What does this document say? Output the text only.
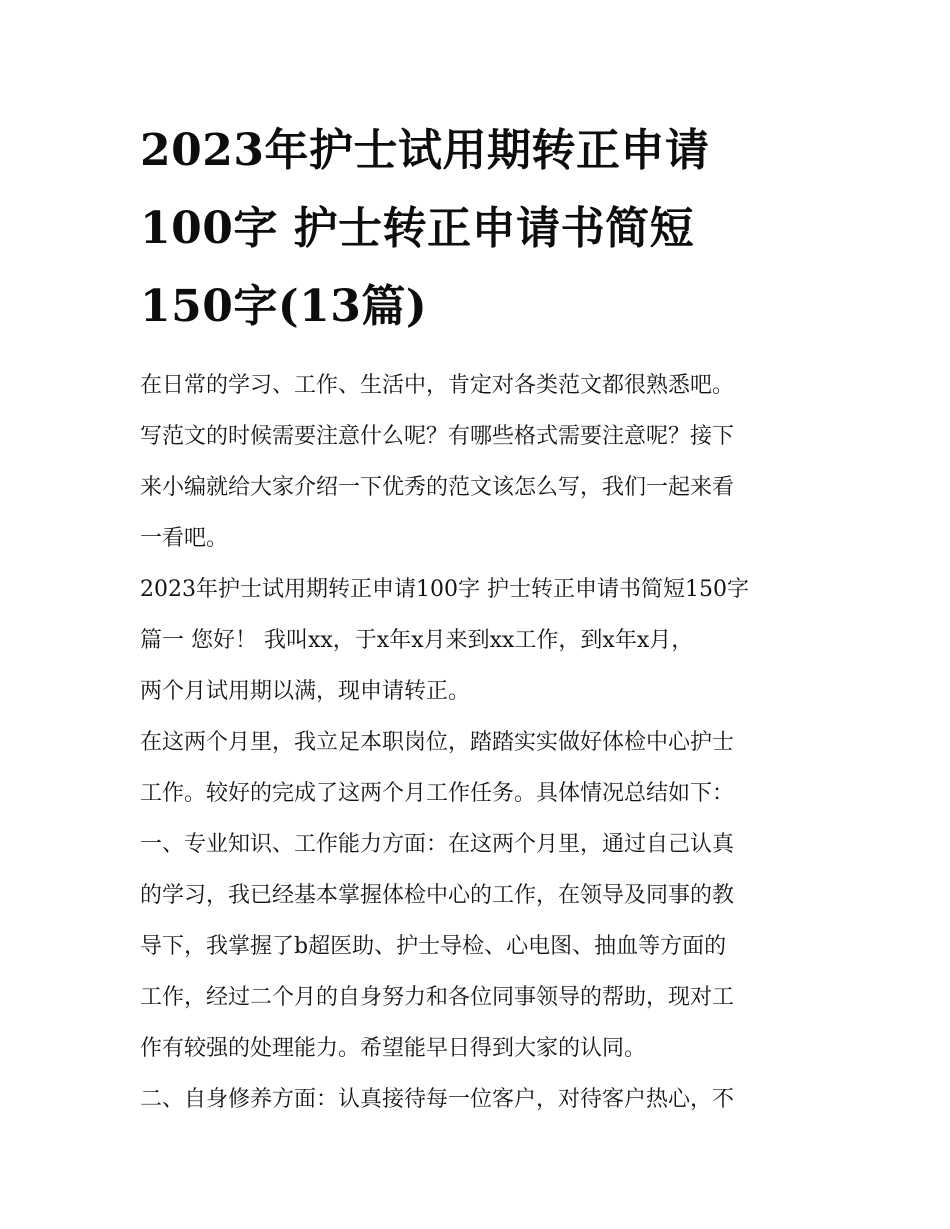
2023年护士试用期转正申请
100字 护士转正申请书简短
150字(13篇)

在日常的学习、工作、生活中，肯定对各类范文都很熟悉吧。
写范文的时候需要注意什么呢？有哪些格式需要注意呢？接下
来小编就给大家介绍一下优秀的范文该怎么写，我们一起来看
一看吧。

2023年护士试用期转正申请100字 护士转正申请书简短150字
篇一 您好！ 我叫xx，于x年x月来到xx工作，到x年x月，
两个月试用期以满，现申请转正。

在这两个月里，我立足本职岗位，踏踏实实做好体检中心护士
工作。较好的完成了这两个月工作任务。具体情况总结如下：

一、专业知识、工作能力方面：在这两个月里，通过自己认真
的学习，我已经基本掌握体检中心的工作，在领导及同事的教
导下，我掌握了b超医助、护士导检、心电图、抽血等方面的
工作，经过二个月的自身努力和各位同事领导的帮助，现对工
作有较强的处理能力。希望能早日得到大家的认同。

二、自身修养方面：认真接待每一位客户，对待客户热心，不
